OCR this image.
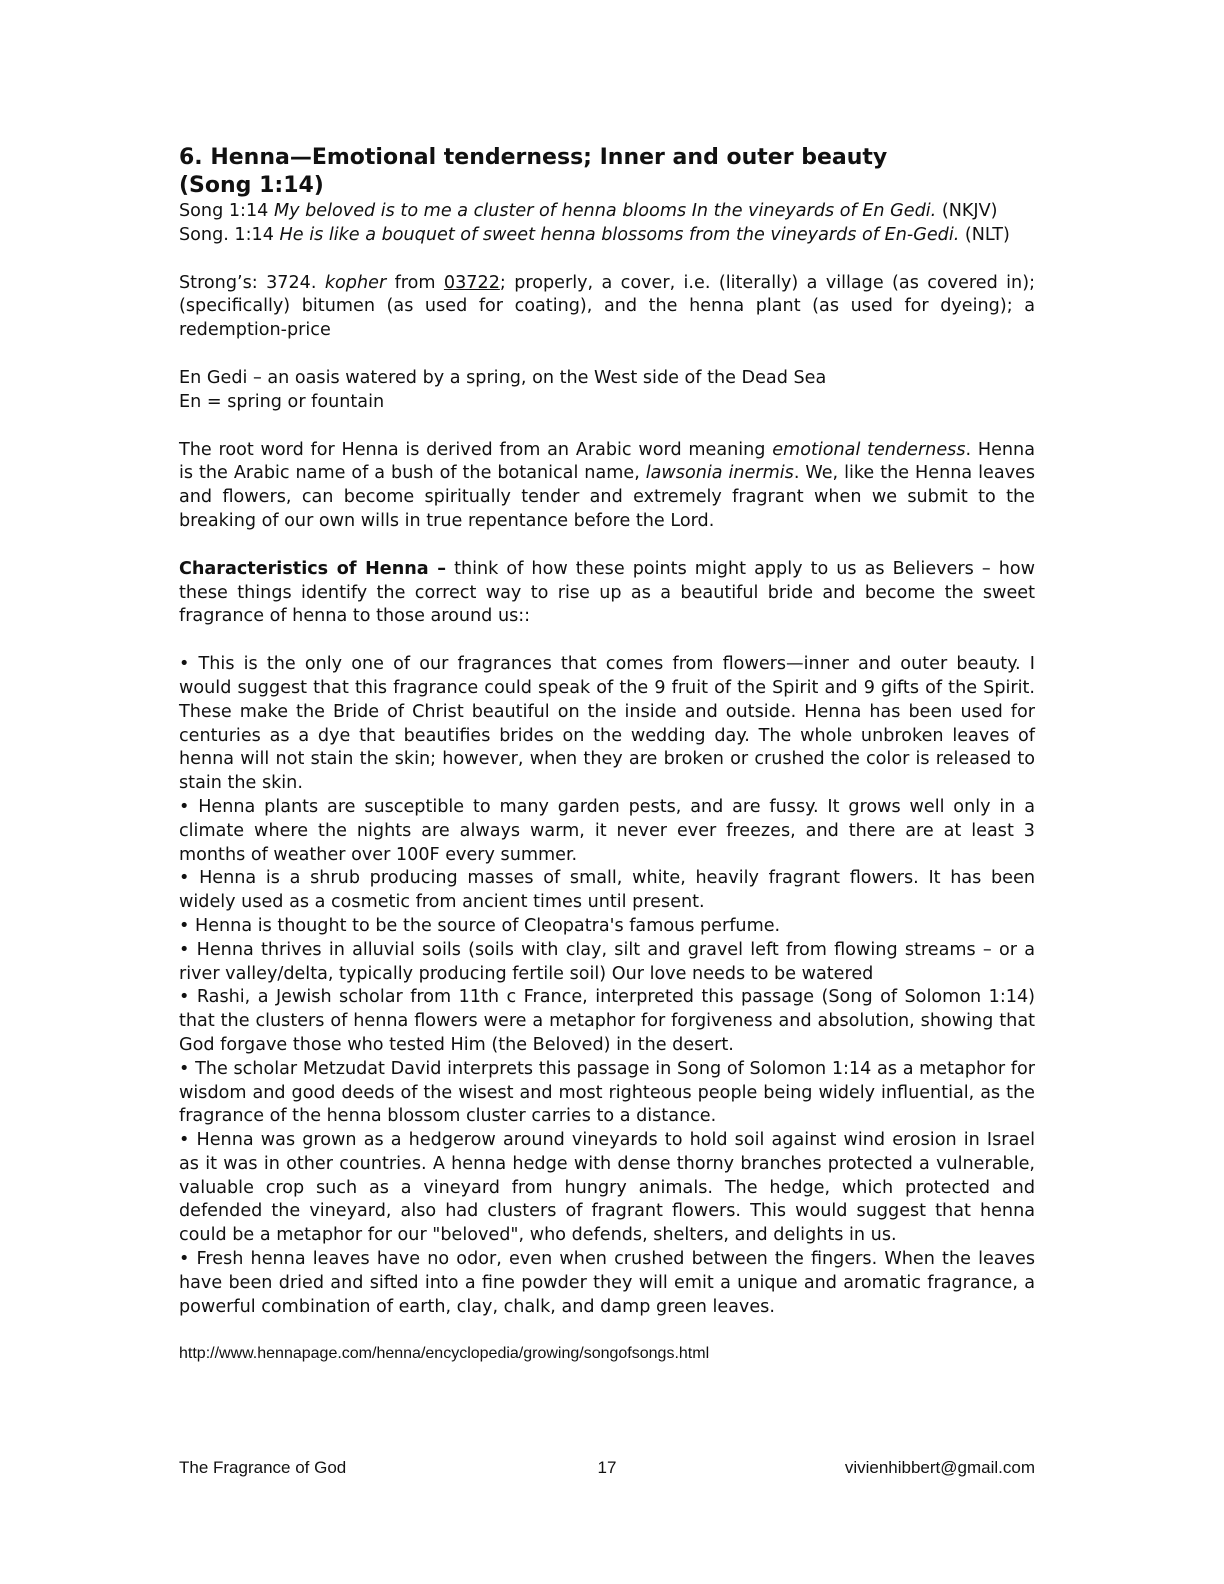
6. Henna—Emotional tenderness; Inner and outer beauty
(Song 1:14)

Song 1:14 My beloved is to me a cluster of henna blooms In the vineyards of En Gedi. (NKJV)

Song. 1:14 He is like a bouquet of sweet henna blossoms from the vineyards of En-Gedi. (NLT)

Strong’s: 3724. kopher from 03722; properly, a cover, i.e. (literally) a village (as covered in); (specifically) bitumen (as used for coating), and the henna plant (as used for dyeing); a redemption-price

En Gedi – an oasis watered by a spring, on the West side of the Dead Sea
En = spring or fountain

The root word for Henna is derived from an Arabic word meaning emotional tenderness. Henna is the Arabic name of a bush of the botanical name, lawsonia inermis. We, like the Henna leaves and flowers, can become spiritually tender and extremely fragrant when we submit to the breaking of our own wills in true repentance before the Lord.

Characteristics of Henna – think of how these points might apply to us as Believers – how these things identify the correct way to rise up as a beautiful bride and become the sweet fragrance of henna to those around us::

• This is the only one of our fragrances that comes from flowers—inner and outer beauty. I would suggest that this fragrance could speak of the 9 fruit of the Spirit and 9 gifts of the Spirit. These make the Bride of Christ beautiful on the inside and outside. Henna has been used for centuries as a dye that beautifies brides on the wedding day. The whole unbroken leaves of henna will not stain the skin; however, when they are broken or crushed the color is released to stain the skin.

• Henna plants are susceptible to many garden pests, and are fussy. It grows well only in a climate where the nights are always warm, it never ever freezes, and there are at least 3 months of weather over 100F every summer.

• Henna is a shrub producing masses of small, white, heavily fragrant flowers. It has been widely used as a cosmetic from ancient times until present.

• Henna is thought to be the source of Cleopatra's famous perfume.

• Henna thrives in alluvial soils (soils with clay, silt and gravel left from flowing streams – or a river valley/delta, typically producing fertile soil) Our love needs to be watered

• Rashi, a Jewish scholar from 11th c France, interpreted this passage (Song of Solomon 1:14) that the clusters of henna flowers were a metaphor for forgiveness and absolution, showing that God forgave those who tested Him (the Beloved) in the desert.

• The scholar Metzudat David interprets this passage in Song of Solomon 1:14 as a metaphor for wisdom and good deeds of the wisest and most righteous people being widely influential, as the fragrance of the henna blossom cluster carries to a distance.

• Henna was grown as a hedgerow around vineyards to hold soil against wind erosion in Israel as it was in other countries. A henna hedge with dense thorny branches protected a vulnerable, valuable crop such as a vineyard from hungry animals. The hedge, which protected and defended the vineyard, also had clusters of fragrant flowers. This would suggest that henna could be a metaphor for our "beloved", who defends, shelters, and delights in us.

• Fresh henna leaves have no odor, even when crushed between the fingers. When the leaves have been dried and sifted into a fine powder they will emit a unique and aromatic fragrance, a powerful combination of earth, clay, chalk, and damp green leaves.

http://www.hennapage.com/henna/encyclopedia/growing/songofsongs.html

The Fragrance of God	17	vivienhibbert@gmail.com
